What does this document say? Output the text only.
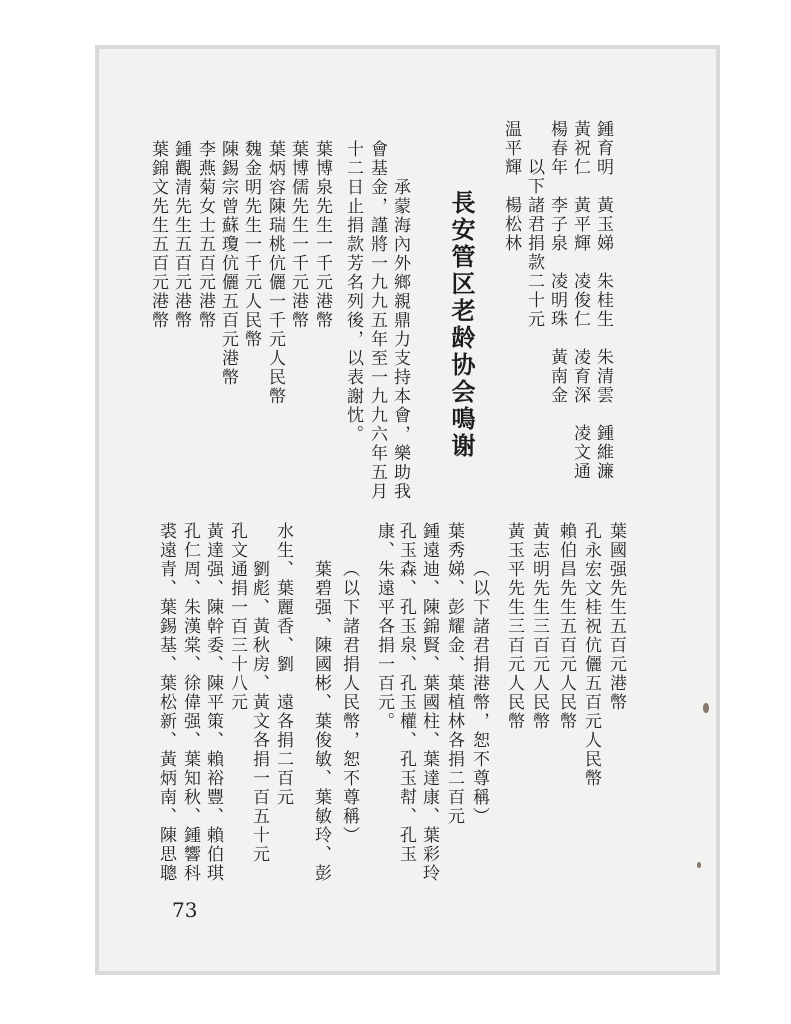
鍾育明　黃玉娣　朱桂生　朱清雲　鍾維濂
黃祝仁　黃平輝　凌俊仁　凌育深　凌文通
楊春年　李子泉　凌明珠　黃南金
以下諸君捐款二十元
温平輝　楊松林
長安管区老龄协会鳴谢
承蒙海內外鄉親鼎力支持本會，樂助我
會基金，謹將一九九五年至一九九六年五月
十二日止捐款芳名列後，以表謝忱。
葉博泉先生一千元港幣
葉博儒先生一千元港幣
葉炳容陳瑞桃伉儷一千元人民幣
魏金明先生一千元人民幣
陳錫宗曾蘇瓊伉儷五百元港幣
李燕菊女士五百元港幣
鍾觀清先生五百元港幣
葉錦文先生五百元港幣
葉國强先生五百元港幣
孔永宏文桂祝伉儷五百元人民幣
賴伯昌先生五百元人民幣
黃志明先生三百元人民幣
黃玉平先生三百元人民幣
（以下諸君捐港幣，恕不尊稱）
葉秀娣、彭耀金、葉植林各捐二百元
鍾遠迪、陳錦賢、葉國柱、葉達康、葉彩玲
孔玉森、孔玉泉、孔玉權、孔玉幇、孔玉
康、朱遠平各捐一百元。
（以下諸君捐人民幣，恕不尊稱）
葉碧强、陳國彬、葉俊敏、葉敏玲、彭
水生、葉麗香、劉　遠各捐二百元
劉彪、黃秋房、黃文各捐一百五十元
孔文通捐一百三十八元
黃達强、陳幹委、陳平策、賴裕豐、賴伯琪
孔仁周、朱漢棠、徐偉强、葉知秋、鍾響科
裘遠青、葉錫基、葉松新、黃炳南、陳思聰
73
